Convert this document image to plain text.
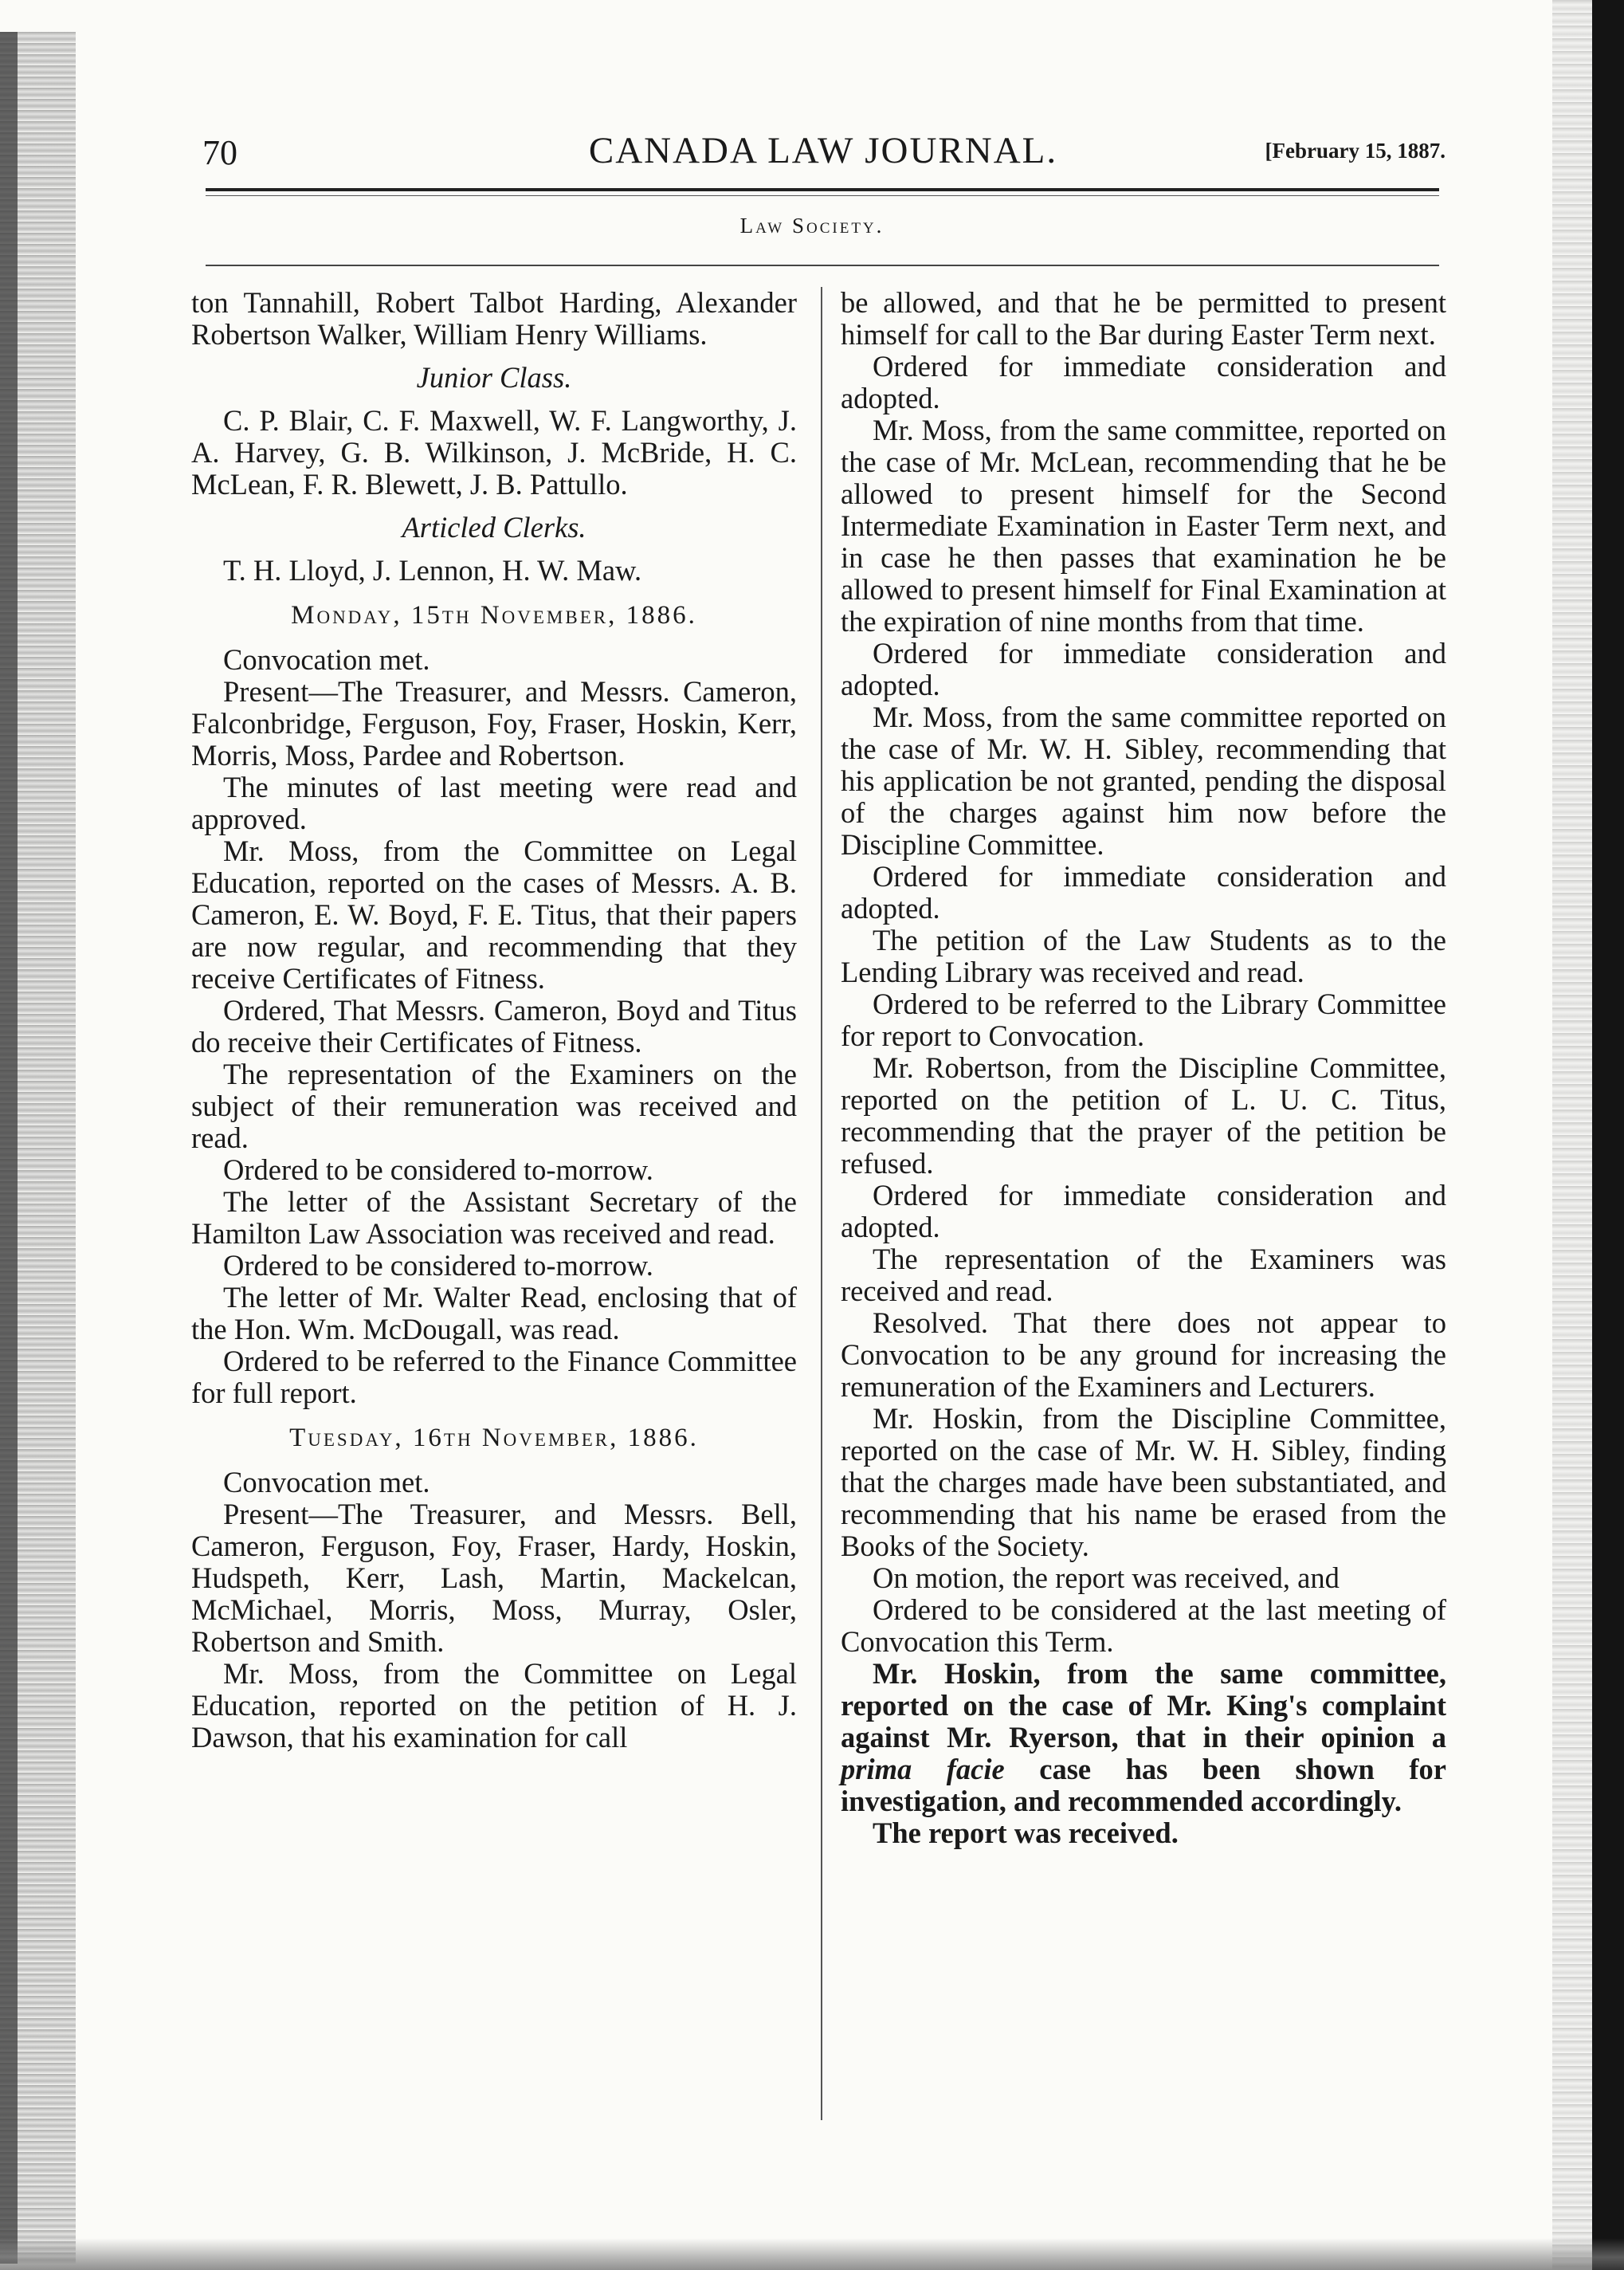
70	CANADA LAW JOURNAL.	[February 15, 1887.
Law Society.

ton Tannahill, Robert Talbot Harding, Alexander Robertson Walker, William Henry Williams.

Junior Class.

C. P. Blair, C. F. Maxwell, W. F. Langworthy, J. A. Harvey, G. B. Wilkinson, J. McBride, H. C. McLean, F. R. Blewett, J. B. Pattullo.

Articled Clerks.

T. H. Lloyd, J. Lennon, H. W. Maw.

Monday, 15th November, 1886.

Convocation met.

Present—The Treasurer, and Messrs. Cameron, Falconbridge, Ferguson, Foy, Fraser, Hoskin, Kerr, Morris, Moss, Pardee and Robertson.

The minutes of last meeting were read and approved.

Mr. Moss, from the Committee on Legal Education, reported on the cases of Messrs. A. B. Cameron, E. W. Boyd, F. E. Titus, that their papers are now regular, and recommending that they receive Certificates of Fitness.

Ordered, That Messrs. Cameron, Boyd and Titus do receive their Certificates of Fitness.

The representation of the Examiners on the subject of their remuneration was received and read.

Ordered to be considered to-morrow.

The letter of the Assistant Secretary of the Hamilton Law Association was received and read.

Ordered to be considered to-morrow.

The letter of Mr. Walter Read, enclosing that of the Hon. Wm. McDougall, was read.

Ordered to be referred to the Finance Committee for full report.

Tuesday, 16th November, 1886.

Convocation met.

Present—The Treasurer, and Messrs. Bell, Cameron, Ferguson, Foy, Fraser, Hardy, Hoskin, Hudspeth, Kerr, Lash, Martin, Mackelcan, McMichael, Morris, Moss, Murray, Osler, Robertson and Smith.

Mr. Moss, from the Committee on Legal Education, reported on the petition of H. J. Dawson, that his examination for call

be allowed, and that he be permitted to present himself for call to the Bar during Easter Term next.

Ordered for immediate consideration and adopted.

Mr. Moss, from the same committee, reported on the case of Mr. McLean, recommending that he be allowed to present himself for the Second Intermediate Examination in Easter Term next, and in case he then passes that examination he be allowed to present himself for Final Examination at the expiration of nine months from that time.

Ordered for immediate consideration and adopted.

Mr. Moss, from the same committee reported on the case of Mr. W. H. Sibley, recommending that his application be not granted, pending the disposal of the charges against him now before the Discipline Committee.

Ordered for immediate consideration and adopted.

The petition of the Law Students as to the Lending Library was received and read.

Ordered to be referred to the Library Committee for report to Convocation.

Mr. Robertson, from the Discipline Committee, reported on the petition of L. U. C. Titus, recommending that the prayer of the petition be refused.

Ordered for immediate consideration and adopted.

The representation of the Examiners was received and read.

Resolved. That there does not appear to Convocation to be any ground for increasing the remuneration of the Examiners and Lecturers.

Mr. Hoskin, from the Discipline Committee, reported on the case of Mr. W. H. Sibley, finding that the charges made have been substantiated, and recommending that his name be erased from the Books of the Society.

On motion, the report was received, and

Ordered to be considered at the last meeting of Convocation this Term.

Mr. Hoskin, from the same committee, reported on the case of Mr. King's complaint against Mr. Ryerson, that in their opinion a prima facie case has been shown for investigation, and recommended accordingly.

The report was received.
